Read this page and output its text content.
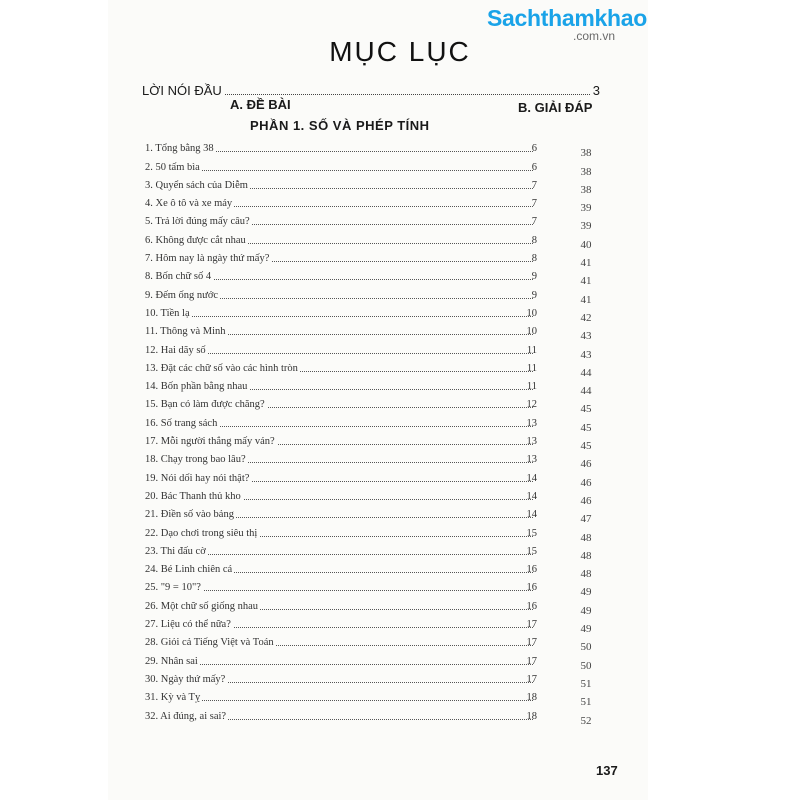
Sachthamkhao
.com.vn
MỤC LỤC
LỜI NÓI ĐẦU	3
A. ĐỀ BÀI	B. GIẢI ĐÁP
PHẦN 1. SỐ VÀ PHÉP TÍNH
1. Tổng bằng 38	6	38
2. 50 tấm bìa	6	38
3. Quyển sách của Diễm	7	38
4. Xe ô tô và xe máy	7	39
5. Trả lời đúng mấy câu?	7	39
6. Không được cắt nhau	8	40
7. Hôm nay là ngày thứ mấy?	8	41
8. Bốn chữ số 4	9	41
9. Đếm ống nước	9	41
10. Tiền lạ	10	42
11. Thông và Minh	10	43
12. Hai dãy số	11	43
13. Đặt các chữ số vào các hình tròn	11	44
14. Bốn phần bằng nhau	11	44
15. Bạn có làm được chăng?	12	45
16. Số trang sách	13	45
17. Mỗi người thắng mấy ván?	13	45
18. Chạy trong bao lâu?	13	46
19. Nói dối hay nói thật?	14	46
20. Bác Thanh thủ kho	14	46
21. Điền số vào bảng	14	47
22. Dạo chơi trong siêu thị	15	48
23. Thi đấu cờ	15	48
24. Bé Linh chiên cá	16	48
25. "9 = 10"?	16	49
26. Một chữ số giống nhau	16	49
27. Liệu có thể nữa?	17	49
28. Giỏi cả Tiếng Việt và Toán	17	50
29. Nhân sai	17	50
30. Ngày thứ mấy?	17	51
31. Kỳ và Tỵ	18	51
32. Ai đúng, ai sai?	18	52
137
